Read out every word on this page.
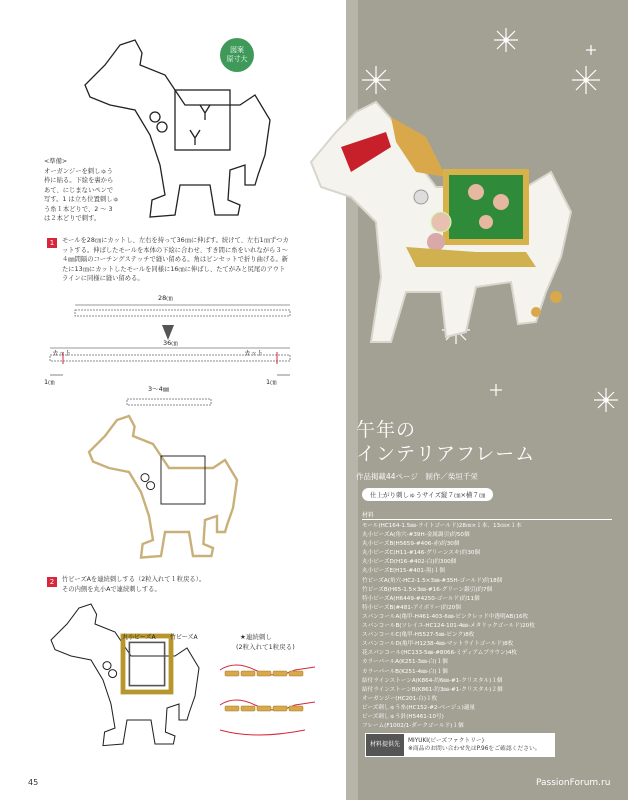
図案
原寸大
<準備>
オーガンジーを刺しゅう
枠に貼る。下絵を裏から
あて、にじまないペンで
写す。1 は立ち位置刺しゅ
う糸１本どりで、2 ～ 3
は２本どりで刺す。
1	モールを28㎝にカットし、左右を持って36㎝に伸ばす。続けて、左右1㎝ずつカ
ットする。伸ばしたモールを本体の下絵に合わせ、すき間に糸をいれながら３～
４㎜間隔のコーチングステッチで縫い留める。角はピンセットで折り曲げる。新
たに13㎝にカットしたモールを同様に16㎝に伸ばし、たてがみと尻尾のアウト
ラインに同様に縫い留める。
28㎝
36㎝
カット	カット
1㎝	1㎝
3～4㎜
2	竹ビーズAを連続刺しする（2粒入れて１粒戻る）。
その内側を丸小Aで連続刺しする。
丸小ビーズA 竹ビーズA	★連続刺し
(2粒入れて1粒戻る)
午年の
インテリアフレーム
作品掲載44ページ　制作／柴垣千栄
仕上がり刺しゅうサイズ縦７㎝×横７㎝
材料
モール(HC164-1.5㎜-ライトゴールド)28㎝×１本、13㎝×１本
丸小ビーズA(角穴-#39H-金属調引)約50個
丸小ビーズB(H5659-#406-赤)約30個
丸小ビーズC(H11-#146-グリーンスキ)約30個
丸小ビーズD(H16-#402-白)約300個
丸小ビーズE(H15-#401-黒)１個
竹ビーズA(角穴-HC2-1.5×3㎜-#35H-ゴールド)約18個
竹ビーズB(H65-1.5×3㎜-#16-グリーン銀引)約7個
特小ビーズA(H6449-#4250-ゴールド)約11個
特小ビーズB(#481-アイボリー)約20個
スパンコールA(亀甲-H461-403-6㎜-ピンクレッド中透明AB)16枚
スパンコールB(ソレイユ-HC124-101-4㎜-メタリックゴールド)20枚
スパンコールC(亀甲-H5527-5㎜-ピンク)8枚
スパンコールD(亀甲-H1238-4㎜-マットライトゴールド)8枚
花スパンコール(HC133-5㎜-#8066-ミディアムブラウン)4枚
カラーパールA(K251-3㎜-白)１個
カラーパールB(K251-4㎜-白)１個
結付ラインストーンA(K864-約6㎜-#1-クリスタル)１個
結付ラインストーンB(K861-約3㎜-#1-クリスタル)２個
オーガンジー(HC201-白)１枚
ビーズ刺しゅう糸(HC152-#2-ベージュ)適量
ビーズ刺しゅう針(H5461-10号)
フレーム(F1002/1-ダークゴールド)１個
材料提供先	MIYUKI(ビーズファクトリー)
※商品のお問い合わせ先はP.96をご確認ください。
45	PassionForum.ru
